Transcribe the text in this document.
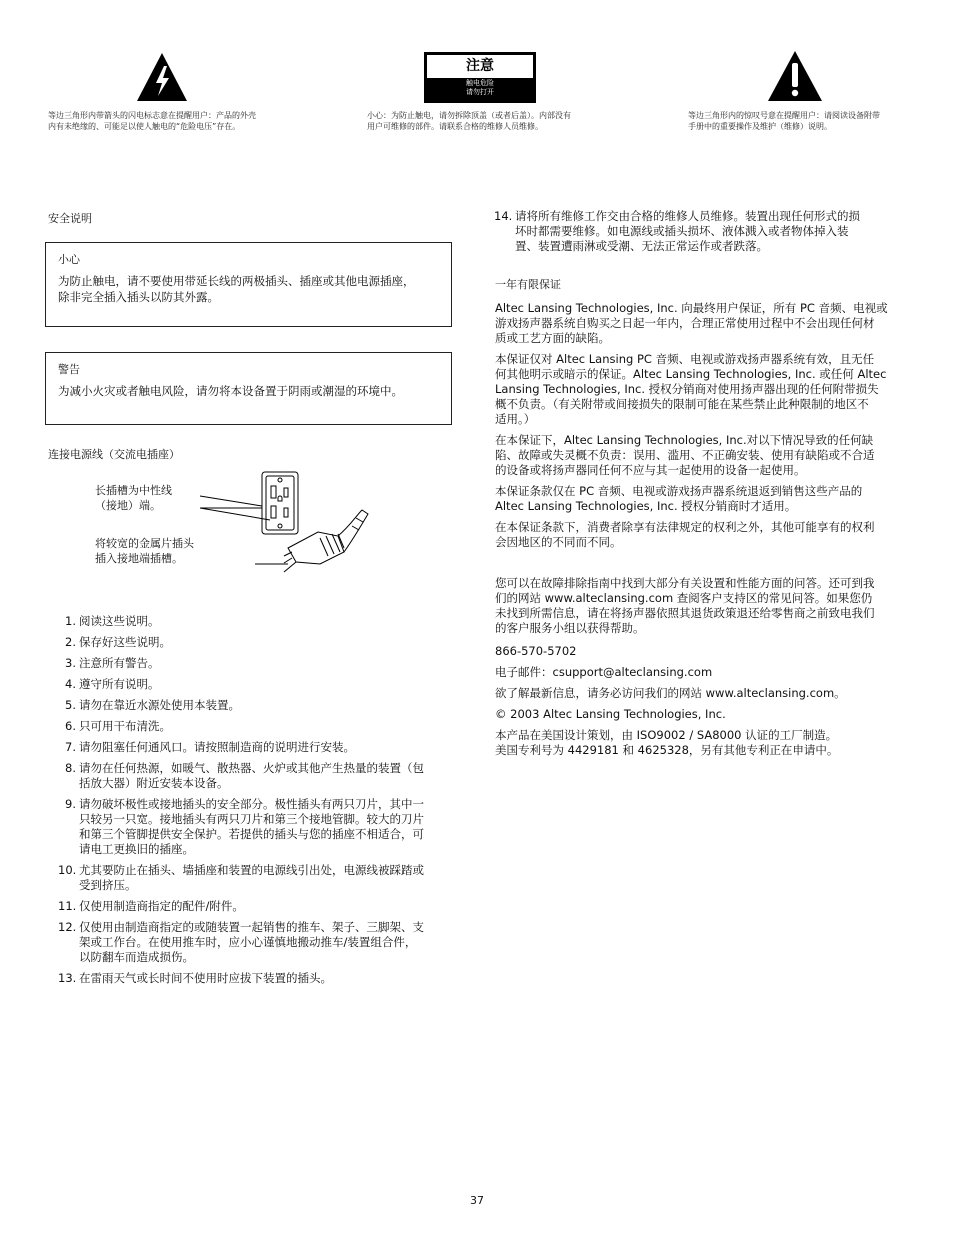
等边三角形内带箭头的闪电标志意在提醒用户：产品的外壳
内有未绝缘的、可能足以使人触电的“危险电压”存在。
注意
触电危险
请勿打开
小心：为防止触电，请勿拆除顶盖（或者后盖）。内部没有
用户可维修的部件。请联系合格的维修人员维修。
等边三角形内的惊叹号意在提醒用户：请阅读设备附带
手册中的重要操作及维护（维修）说明。
安全说明
小心
为防止触电，请不要使用带延长线的两极插头、插座或其他电源插座，
除非完全插入插头以防其外露。
警告
为减小火灾或者触电风险，请勿将本设备置于阴雨或潮湿的环境中。
连接电源线（交流电插座）
长插槽为中性线
（接地）端。
将较宽的金属片插头
插入接地端插槽。
1. 阅读这些说明。
2. 保存好这些说明。
3. 注意所有警告。
4. 遵守所有说明。
5. 请勿在靠近水源处使用本装置。
6. 只可用干布清洗。
7. 请勿阻塞任何通风口。请按照制造商的说明进行安装。
8. 请勿在任何热源，如暖气、散热器、火炉或其他产生热量的装置（包
括放大器）附近安装本设备。
9. 请勿破坏极性或接地插头的安全部分。极性插头有两只刀片，其中一
只较另一只宽。接地插头有两只刀片和第三个接地管脚。较大的刀片
和第三个管脚提供安全保护。若提供的插头与您的插座不相适合，可
请电工更换旧的插座。
10. 尤其要防止在插头、墙插座和装置的电源线引出处，电源线被踩踏或
受到挤压。
11. 仅使用制造商指定的配件/附件。
12. 仅使用由制造商指定的或随装置一起销售的推车、架子、三脚架、支
架或工作台。在使用推车时，应小心谨慎地搬动推车/装置组合件，
以防翻车而造成损伤。
13. 在雷雨天气或长时间不使用时应拔下装置的插头。
14. 请将所有维修工作交由合格的维修人员维修。装置出现任何形式的损
坏时都需要维修。如电源线或插头损坏、液体溅入或者物体掉入装
置、装置遭雨淋或受潮、无法正常运作或者跌落。
一年有限保证
Altec Lansing Technologies, Inc. 向最终用户保证，所有 PC 音频、电视或
游戏扬声器系统自购买之日起一年内，合理正常使用过程中不会出现任何材
质或工艺方面的缺陷。
本保证仅对 Altec Lansing PC 音频、电视或游戏扬声器系统有效，且无任
何其他明示或暗示的保证。Altec Lansing Technologies, Inc. 或任何 Altec
Lansing Technologies, Inc. 授权分销商对使用扬声器出现的任何附带损失
概不负责。（有关附带或间接损失的限制可能在某些禁止此种限制的地区不
适用。）
在本保证下，Altec Lansing Technologies, Inc.对以下情况导致的任何缺
陷、故障或失灵概不负责：误用、滥用、不正确安装、使用有缺陷或不合适
的设备或将扬声器同任何不应与其一起使用的设备一起使用。
本保证条款仅在 PC 音频、电视或游戏扬声器系统退返到销售这些产品的
Altec Lansing Technologies, Inc. 授权分销商时才适用。
在本保证条款下，消费者除享有法律规定的权利之外，其他可能享有的权利
会因地区的不同而不同。
您可以在故障排除指南中找到大部分有关设置和性能方面的问答。还可到我
们的网站 www.alteclansing.com 查阅客户支持区的常见问答。如果您仍
未找到所需信息，请在将扬声器依照其退货政策退还给零售商之前致电我们
的客户服务小组以获得帮助。
866-570-5702
电子邮件：csupport@alteclansing.com
欲了解最新信息，请务必访问我们的网站 www.alteclansing.com。
© 2003 Altec Lansing Technologies, Inc.
本产品在美国设计策划，由 ISO9002 / SA8000 认证的工厂制造。
美国专利号为 4429181 和 4625328，另有其他专利正在申请中。
37
